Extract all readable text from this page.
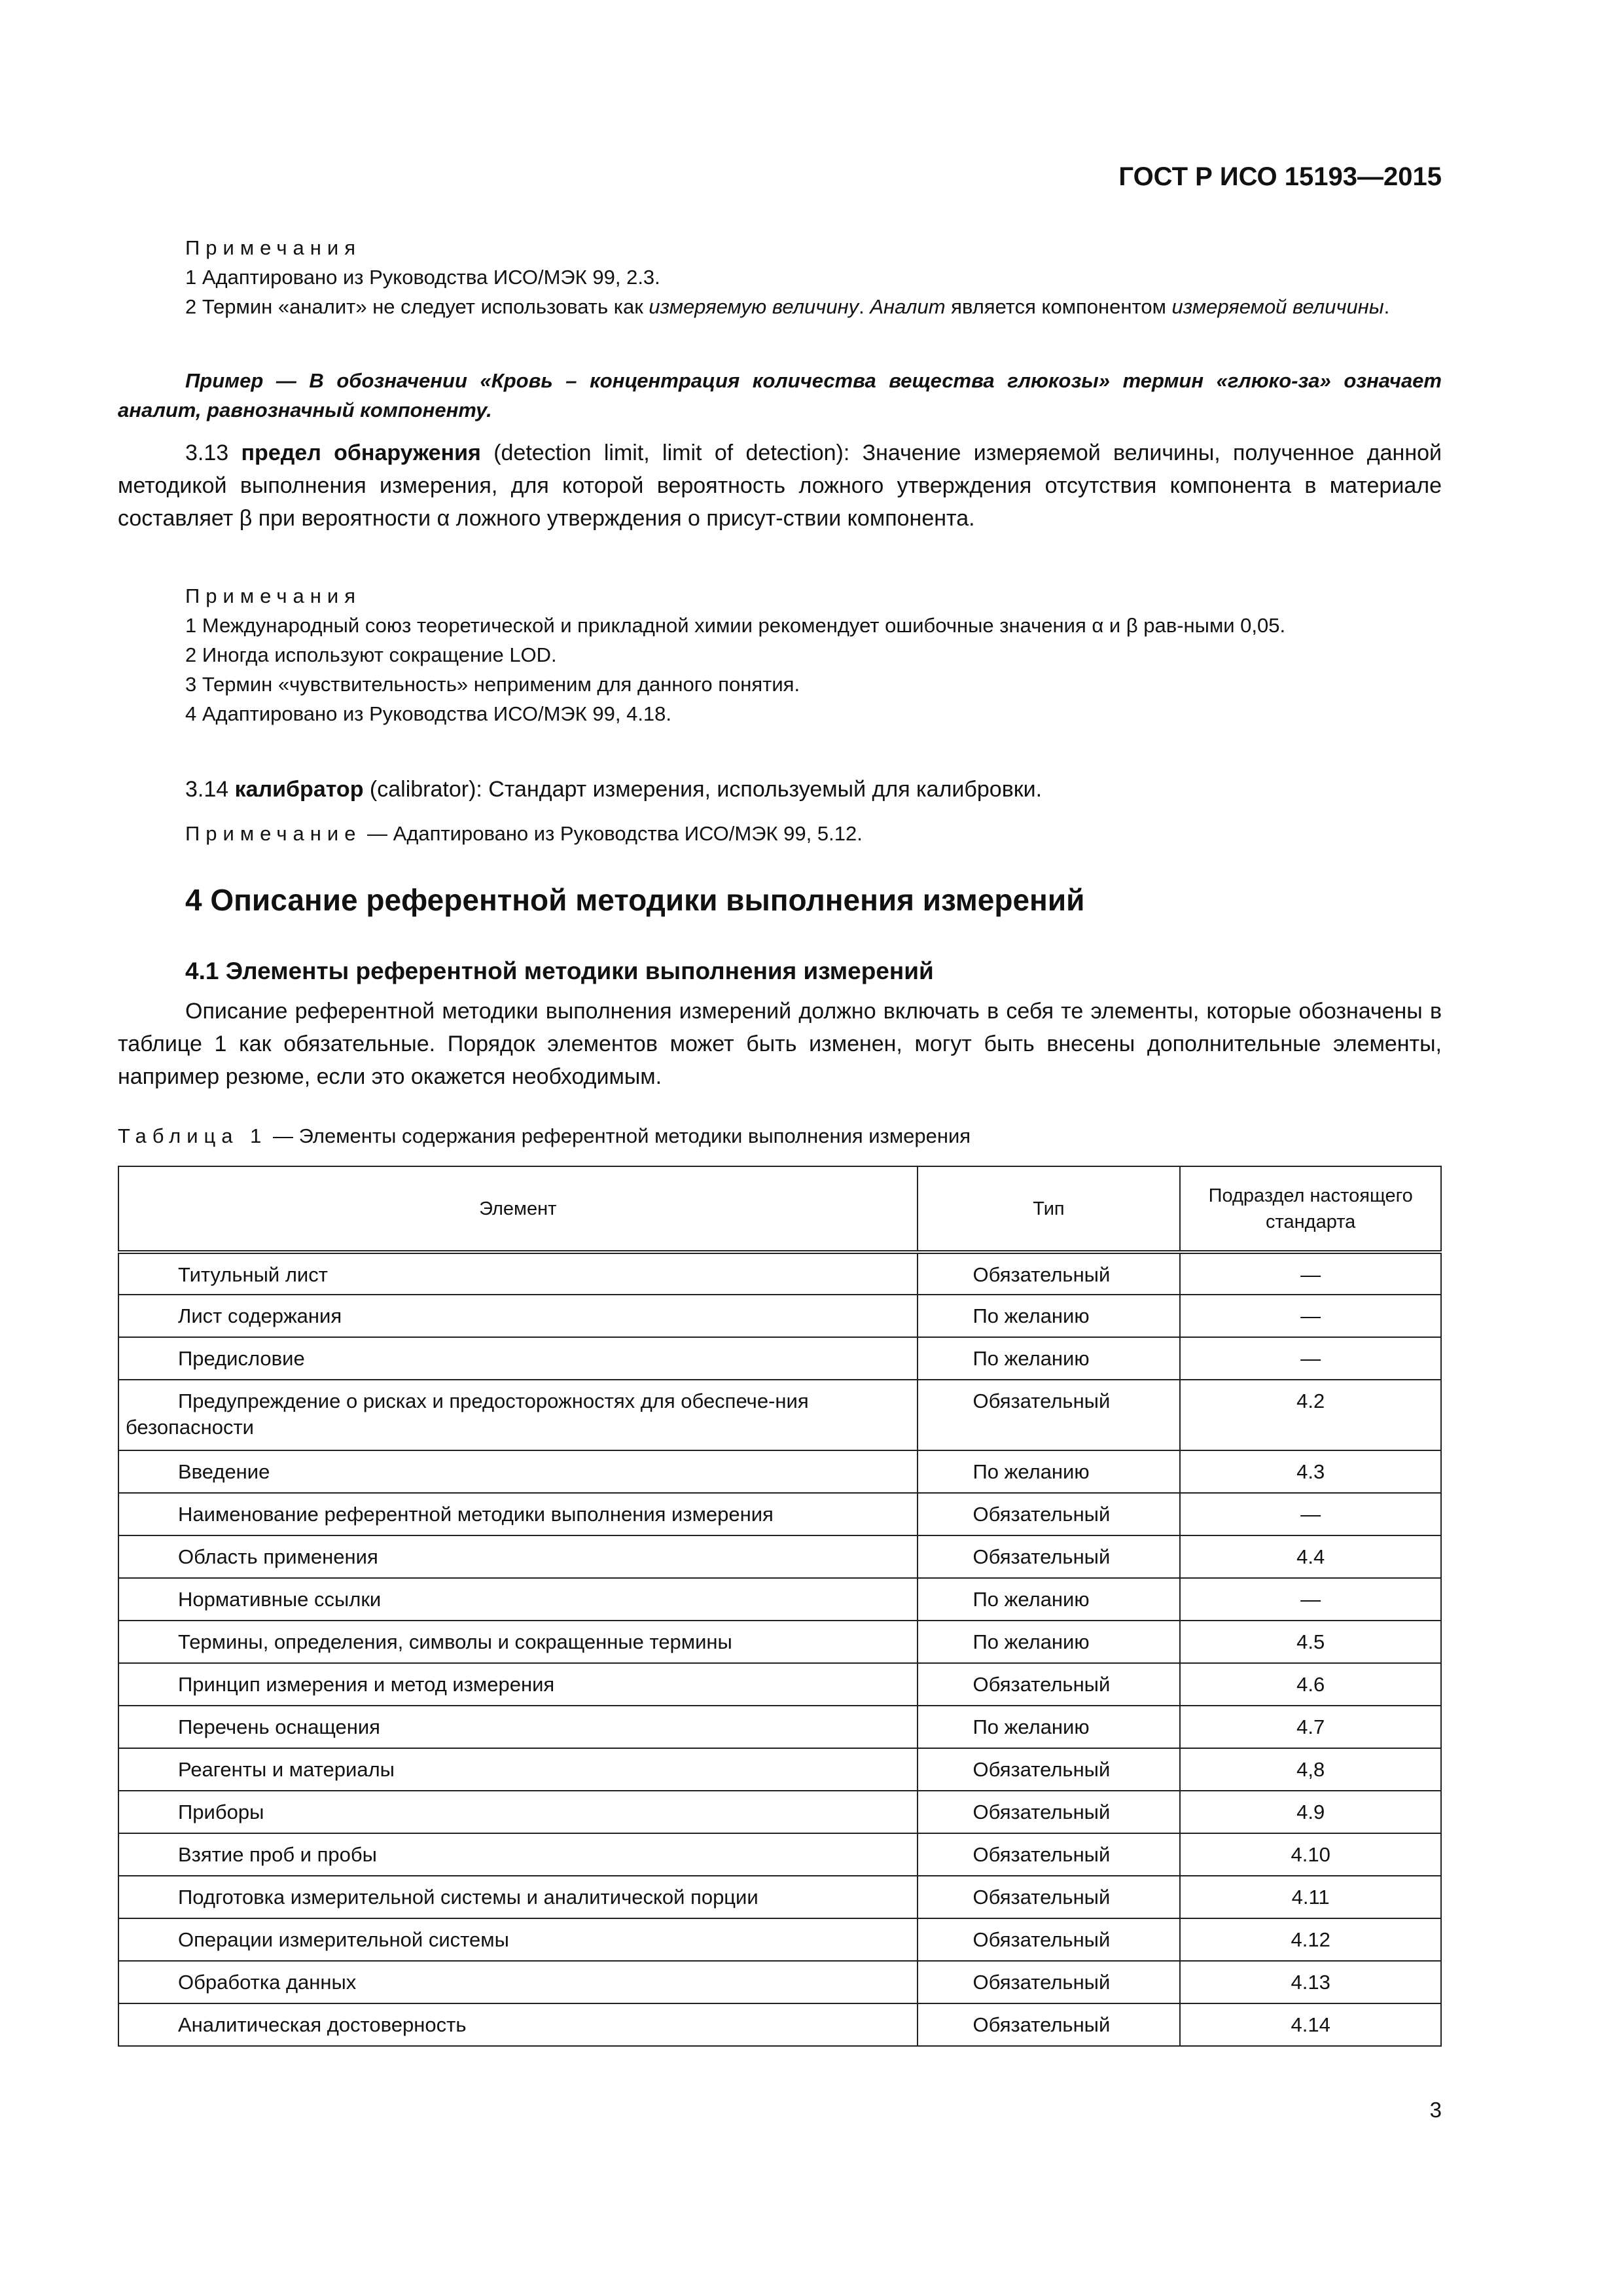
ГОСТ Р ИСО 15193—2015
Примечания
1 Адаптировано из Руководства ИСО/МЭК 99, 2.3.
2 Термин «аналит» не следует использовать как измеряемую величину. Аналит является компонентом измеряемой величины.
Пример — В обозначении «Кровь – концентрация количества вещества глюкозы» термин «глюко-за» означает аналит, равнозначный компоненту.
3.13 предел обнаружения (detection limit, limit of detection): Значение измеряемой величины, полученное данной методикой выполнения измерения, для которой вероятность ложного утверждения отсутствия компонента в материале составляет β при вероятности α ложного утверждения о присут-ствии компонента.
Примечания
1 Международный союз теоретической и прикладной химии рекомендует ошибочные значения α и β рав-ными 0,05.
2 Иногда используют сокращение LOD.
3 Термин «чувствительность» неприменим для данного понятия.
4 Адаптировано из Руководства ИСО/МЭК 99, 4.18.
3.14 калибратор (calibrator): Стандарт измерения, используемый для калибровки.
Примечание — Адаптировано из Руководства ИСО/МЭК 99, 5.12.
4 Описание референтной методики выполнения измерений
4.1 Элементы референтной методики выполнения измерений
Описание референтной методики выполнения измерений должно включать в себя те элементы, которые обозначены в таблице 1 как обязательные. Порядок элементов может быть изменен, могут быть внесены дополнительные элементы, например резюме, если это окажется необходимым.
Таблица 1 — Элементы содержания референтной методики выполнения измерения
Элемент	Тип	Подраздел настоящего стандарта
Титульный лист	Обязательный	—
Лист содержания	По желанию	—
Предисловие	По желанию	—
Предупреждение о рисках и предосторожностях для обеспече-ния безопасности	Обязательный	4.2
Введение	По желанию	4.3
Наименование референтной методики выполнения измерения	Обязательный	—
Область применения	Обязательный	4.4
Нормативные ссылки	По желанию	—
Термины, определения, символы и сокращенные термины	По желанию	4.5
Принцип измерения и метод измерения	Обязательный	4.6
Перечень оснащения	По желанию	4.7
Реагенты и материалы	Обязательный	4,8
Приборы	Обязательный	4.9
Взятие проб и пробы	Обязательный	4.10
Подготовка измерительной системы и аналитической порции	Обязательный	4.11
Операции измерительной системы	Обязательный	4.12
Обработка данных	Обязательный	4.13
Аналитическая достоверность	Обязательный	4.14
3
